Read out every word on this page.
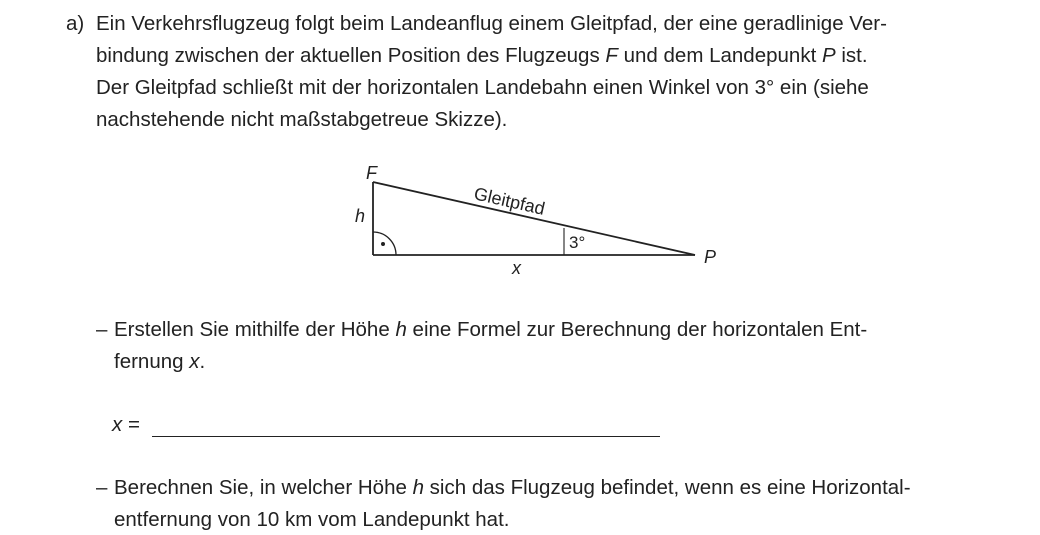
a) Ein Verkehrsflugzeug folgt beim Landeanflug einem Gleitpfad, der eine geradlinige Ver-
bindung zwischen der aktuellen Position des Flugzeugs F und dem Landepunkt P ist.
Der Gleitpfad schließt mit der horizontalen Landebahn einen Winkel von 3° ein (siehe
nachstehende nicht maßstabgetreue Skizze).
F
h
x
P
3°
Gleitpfad
– Erstellen Sie mithilfe der Höhe h eine Formel zur Berechnung der horizontalen Ent-
fernung x.
x =
– Berechnen Sie, in welcher Höhe h sich das Flugzeug befindet, wenn es eine Horizontal-
entfernung von 10 km vom Landepunkt hat.
